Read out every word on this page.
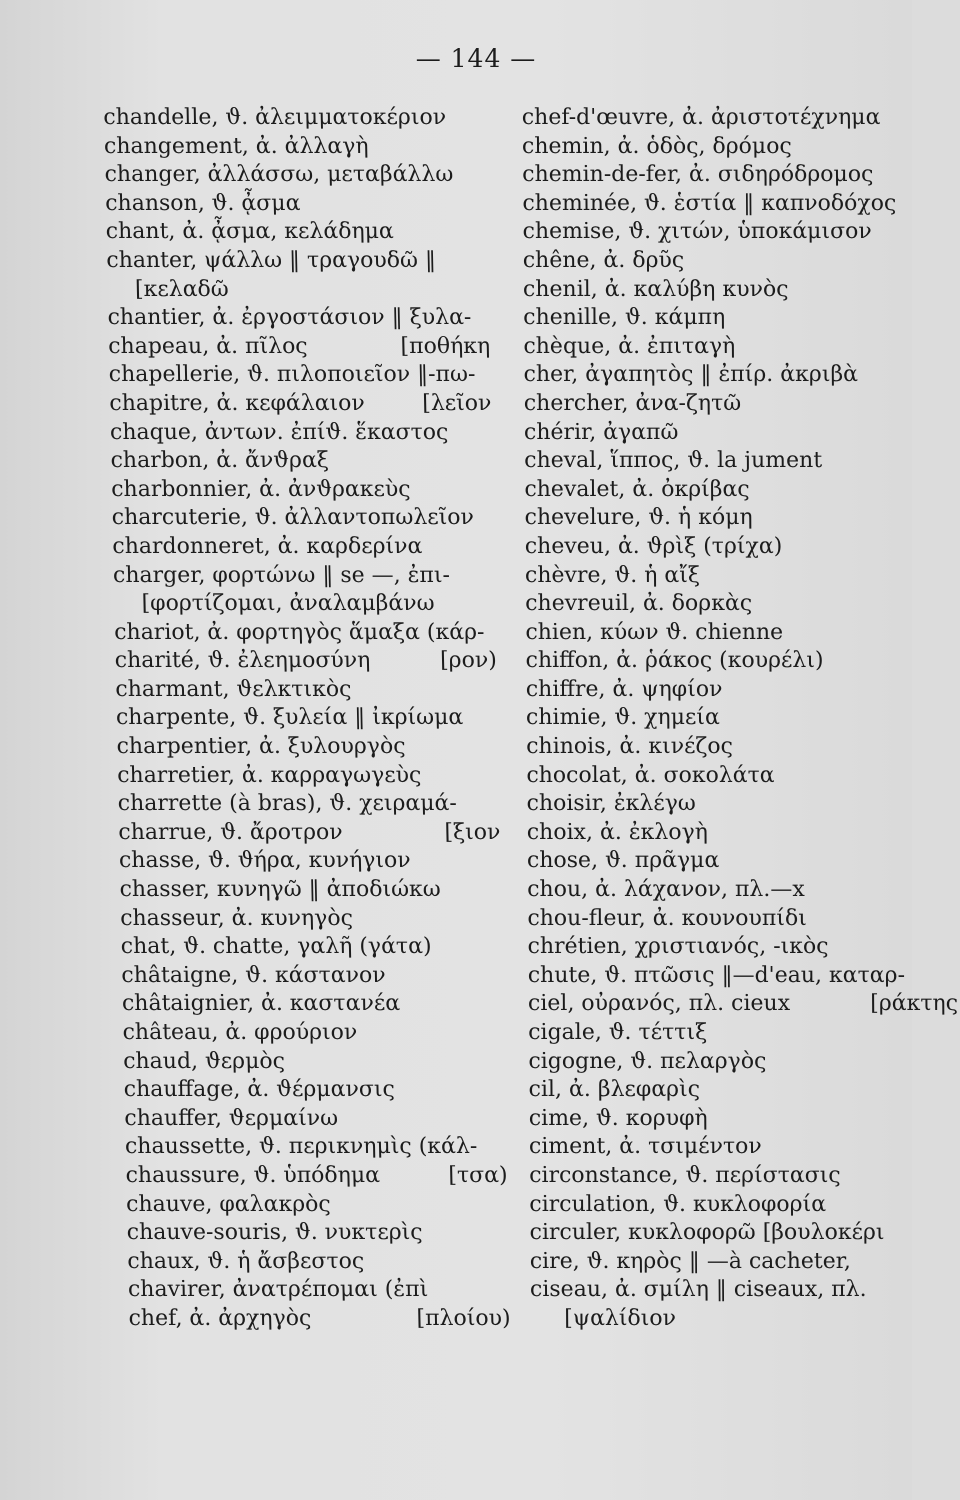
— 144 —
chandelle, ϑ. ἀλειμματοκέριον
changement, ἀ. ἀλλαγὴ
changer, ἀλλάσσω, μεταβάλλω
chanson, ϑ. ᾆσμα
chant, ἀ. ᾆσμα, κελάδημα
chanter, ψάλλω ‖ τραγουδῶ ‖
[κελαδῶ
chantier, ἀ. ἐργοστάσιον ‖ ξυλα-
chapeau, ἀ. πῖλος	[ποθήκη
chapellerie, ϑ. πιλοποιεῖον ‖-πω-
chapitre, ἀ. κεφάλαιον	[λεῖον
chaque, ἀντων. ἐπίϑ. ἕκαστος
charbon, ἀ. ἄνϑραξ
charbonnier, ἀ. ἀνϑρακεὺς
charcuterie, ϑ. ἀλλαντοπωλεῖον
chardonneret, ἀ. καρδερίνα
charger, φορτώνω ‖ se —, ἐπι-
[φορτίζομαι, ἀναλαμβάνω
chariot, ἀ. φορτηγὸς ἅμαξα (κάρ-
charité, ϑ. ἐλεημοσύνη	[ρον)
charmant, ϑελκτικὸς
charpente, ϑ. ξυλεία ‖ ἰκρίωμα
charpentier, ἀ. ξυλουργὸς
charretier, ἀ. καρραγωγεὺς
charrette (à bras), ϑ. χειραμά-
charrue, ϑ. ἄροτρον	[ξιον
chasse, ϑ. ϑήρα, κυνήγιον
chasser, κυνηγῶ ‖ ἀποδιώκω
chasseur, ἀ. κυνηγὸς
chat, ϑ. chatte, γαλῆ (γάτα)
châtaigne, ϑ. κάστανον
châtaignier, ἀ. καστανέα
château, ἀ. φρούριον
chaud, ϑερμὸς
chauffage, ἀ. ϑέρμανσις
chauffer, ϑερμαίνω
chaussette, ϑ. περικνημὶς (κάλ-
chaussure, ϑ. ὑπόδημα	[τσα)
chauve, φαλακρὸς
chauve-souris, ϑ. νυκτερὶς
chaux, ϑ. ἡ ἄσβεστος
chavirer, ἀνατρέπομαι (ἐπὶ
chef, ἀ. ἀρχηγὸς	[πλοίου)
chef-d'œuvre, ἀ. ἀριστοτέχνημα
chemin, ἀ. ὁδὸς, δρόμος
chemin-de-fer, ἀ. σιδηρόδρομος
cheminée, ϑ. ἑστία ‖ καπνοδόχος
chemise, ϑ. χιτών, ὑποκάμισον
chêne, ἀ. δρῦς
chenil, ἀ. καλύβη κυνὸς
chenille, ϑ. κάμπη
chèque, ἀ. ἐπιταγὴ
cher, ἀγαπητὸς ‖ ἐπίρ. ἀκριβὰ
chercher, ἀνα-ζητῶ
chérir, ἀγαπῶ
cheval, ἵππος, ϑ. la jument
chevalet, ἀ. ὀκρίβας
chevelure, ϑ. ἡ κόμη
cheveu, ἀ. ϑρὶξ (τρίχα)
chèvre, ϑ. ἡ αἴξ
chevreuil, ἀ. δορκὰς
chien, κύων ϑ. chienne
chiffon, ἀ. ῥάκος (κουρέλι)
chiffre, ἀ. ψηφίον
chimie, ϑ. χημεία
chinois, ἀ. κινέζος
chocolat, ἀ. σοκολάτα
choisir, ἐκλέγω
choix, ἀ. ἐκλογὴ
chose, ϑ. πρᾶγμα
chou, ἀ. λάχανον, πλ.—x
chou-fleur, ἀ. κουνουπίδι
chrétien, χριστιανός, -ικὸς
chute, ϑ. πτῶσις ‖—d'eau, καταρ-
ciel, οὐρανός, πλ. cieux	[ράκτης
cigale, ϑ. τέττιξ
cigogne, ϑ. πελαργὸς
cil, ἀ. βλεφαρὶς
cime, ϑ. κορυφὴ
ciment, ἀ. τσιμέντον
circonstance, ϑ. περίστασις
circulation, ϑ. κυκλοφορία
circuler, κυκλοφορῶ [βουλοκέρι
cire, ϑ. κηρὸς ‖ —à cacheter,
ciseau, ἀ. σμίλη ‖ ciseaux, πλ.
[ψαλίδιον
